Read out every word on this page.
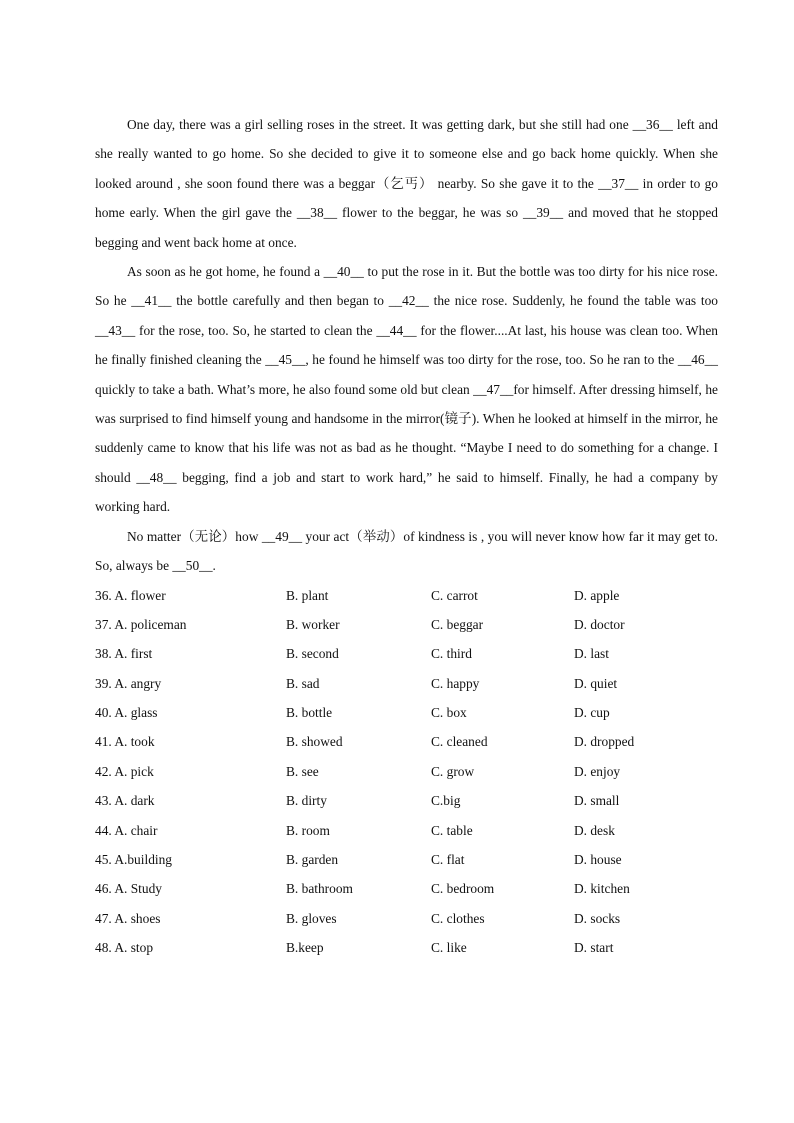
One day, there was a girl selling roses in the street. It was getting dark, but she still had one __36__ left and she really wanted to go home. So she decided to give it to someone else and go back home quickly. When she looked around , she soon found there was a beggar（乞丐） nearby. So she gave it to the __37__ in order to go home early. When the girl gave the __38__ flower to the beggar, he was so __39__ and moved that he stopped begging and went back home at once.

As soon as he got home, he found a __40__ to put the rose in it. But the bottle was too dirty for his nice rose. So he __41__ the bottle carefully and then began to __42__ the nice rose. Suddenly, he found the table was too __43__ for the rose, too. So, he started to clean the __44__ for the flower....At last, his house was clean too. When he finally finished cleaning the __45__, he found he himself was too dirty for the rose, too. So he ran to the __46__ quickly to take a bath. What’s more, he also found some old but clean __47__for himself. After dressing himself, he was surprised to find himself young and handsome in the mirror(镜子). When he looked at himself in the mirror, he suddenly came to know that his life was not as bad as he thought. “Maybe I need to do something for a change. I should __48__ begging, find a job and start to work hard,” he said to himself. Finally, he had a company by working hard.

No matter（无论）how __49__ your act（举动）of kindness is , you will never know how far it may get to. So, always be __50__.

36. A. flower	B. plant	C. carrot	D. apple
37. A. policeman	B. worker	C. beggar	D. doctor
38. A. first	B. second	C. third	D. last
39. A. angry	B. sad	C. happy	D. quiet
40. A. glass	B. bottle	C. box	D. cup
41. A. took	B. showed	C. cleaned	D. dropped
42. A. pick	B. see	C. grow	D. enjoy
43. A. dark	B. dirty	C.big	D. small
44. A. chair	B. room	C. table	D. desk
45. A.building	B. garden	C. flat	D. house
46. A. Study	B. bathroom	C. bedroom	D. kitchen
47. A. shoes	B. gloves	C. clothes	D. socks
48. A. stop	B.keep	C. like	D. start
